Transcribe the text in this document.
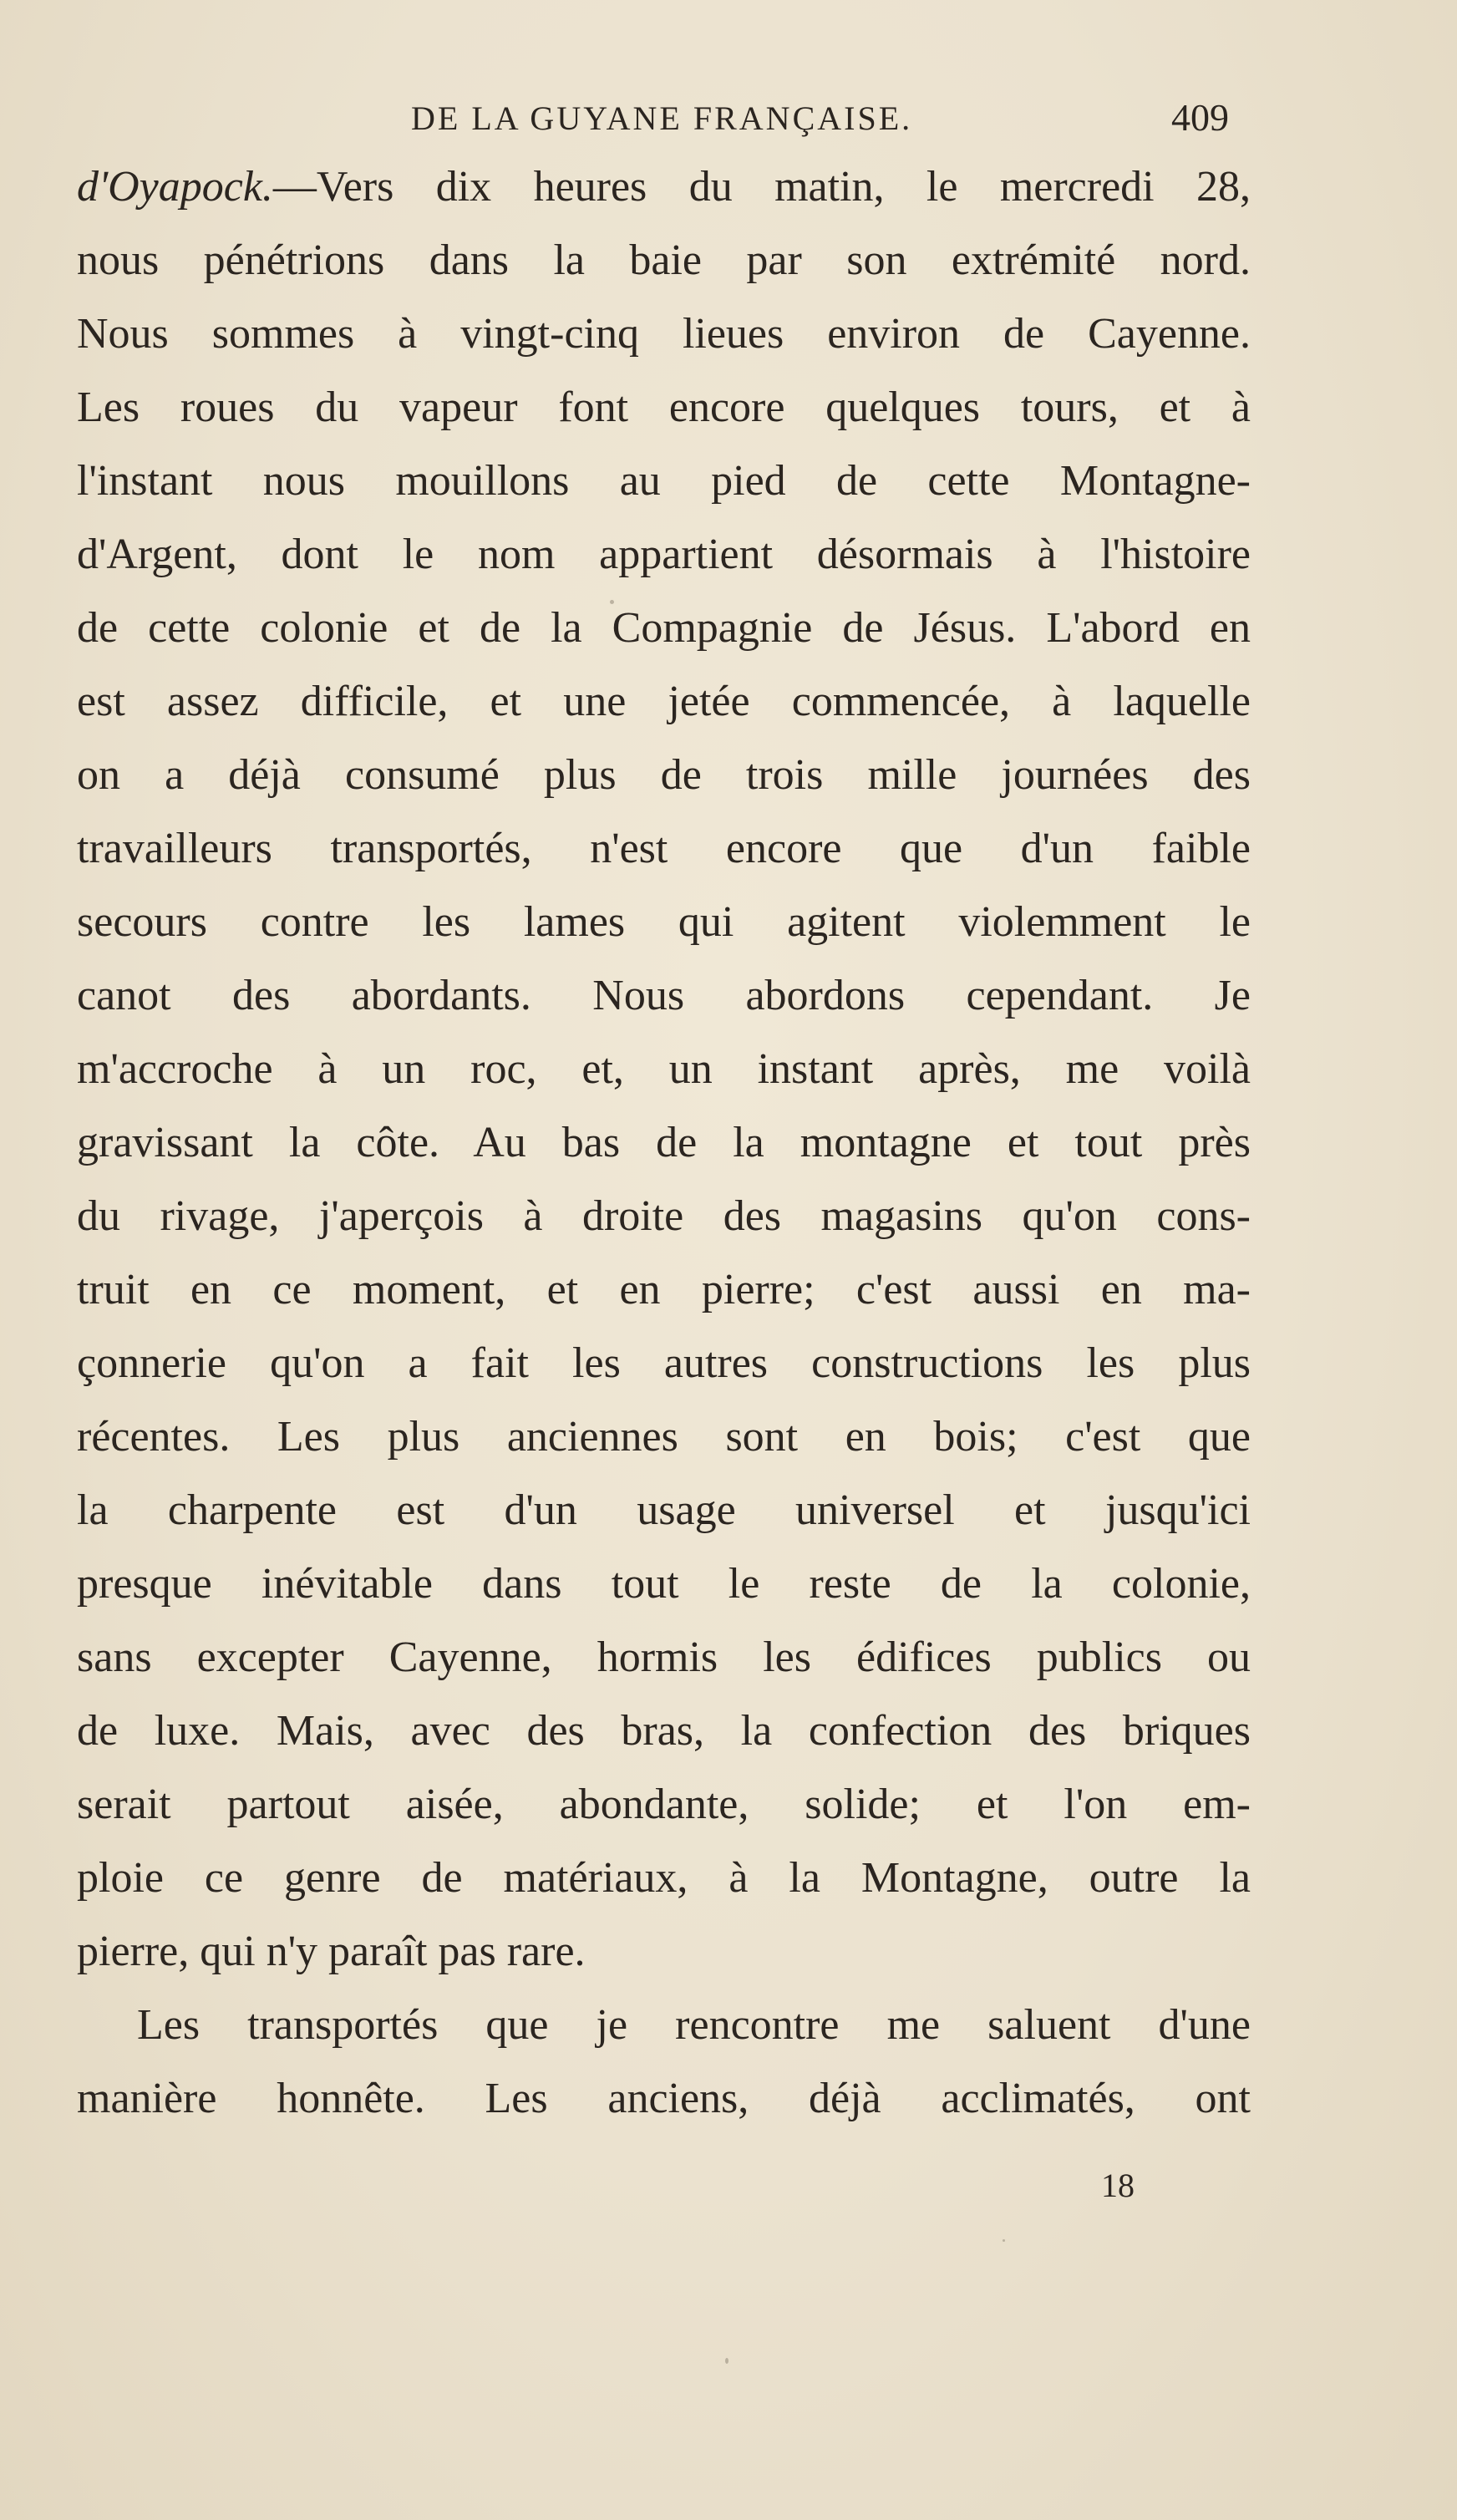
DE LA GUYANE FRANÇAISE.	409
d'Oyapock.—Vers dix heures du matin, le mercredi 28,
nous pénétrions dans la baie par son extrémité nord.
Nous sommes à vingt-cinq lieues environ de Cayenne.
Les roues du vapeur font encore quelques tours, et à
l'instant nous mouillons au pied de cette Montagne-
d'Argent, dont le nom appartient désormais à l'histoire
de cette colonie et de la Compagnie de Jésus. L'abord en
est assez difficile, et une jetée commencée, à laquelle
on a déjà consumé plus de trois mille journées des
travailleurs transportés, n'est encore que d'un faible
secours contre les lames qui agitent violemment le
canot des abordants. Nous abordons cependant. Je
m'accroche à un roc, et, un instant après, me voilà
gravissant la côte. Au bas de la montagne et tout près
du rivage, j'aperçois à droite des magasins qu'on cons-
truit en ce moment, et en pierre; c'est aussi en ma-
çonnerie qu'on a fait les autres constructions les plus
récentes. Les plus anciennes sont en bois; c'est que
la charpente est d'un usage universel et jusqu'ici
presque inévitable dans tout le reste de la colonie,
sans excepter Cayenne, hormis les édifices publics ou
de luxe. Mais, avec des bras, la confection des briques
serait partout aisée, abondante, solide; et l'on em-
ploie ce genre de matériaux, à la Montagne, outre la
pierre, qui n'y paraît pas rare.
Les transportés que je rencontre me saluent d'une
manière honnête. Les anciens, déjà acclimatés, ont
18
